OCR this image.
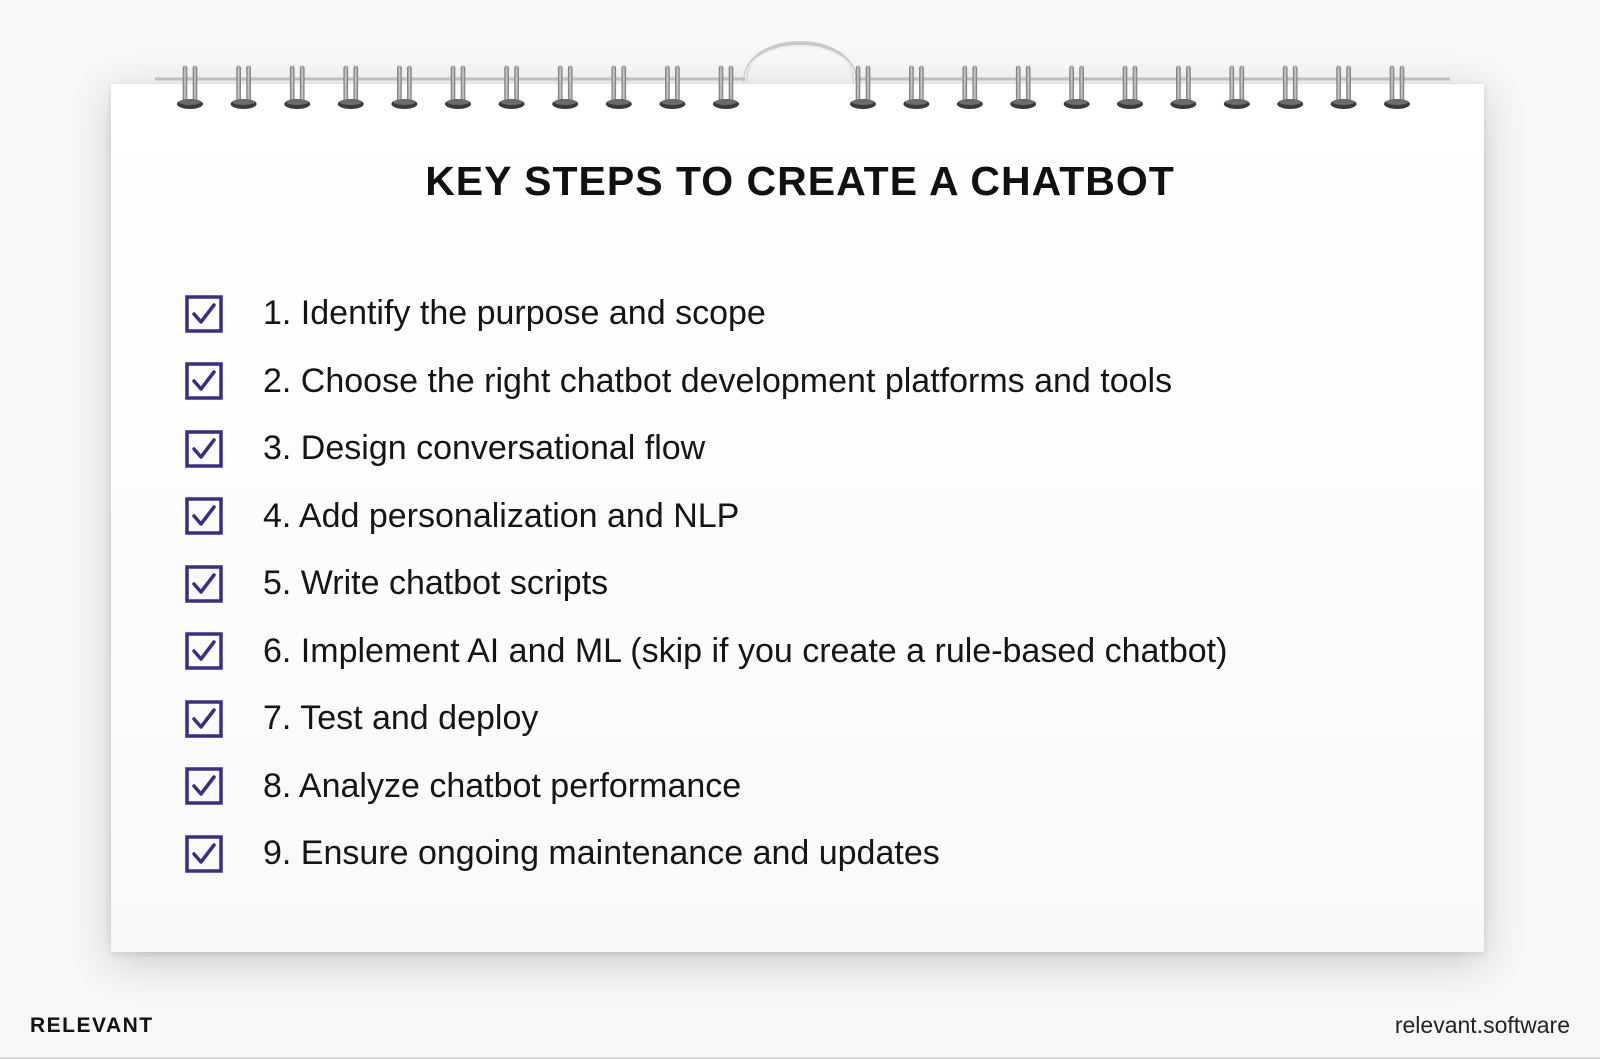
KEY STEPS TO CREATE A CHATBOT
1. Identify the purpose and scope
2. Choose the right chatbot development platforms and tools
3. Design conversational flow
4. Add personalization and NLP
5. Write chatbot scripts
6. Implement AI and ML (skip if you create a rule-based chatbot)
7. Test and deploy
8. Analyze chatbot performance
9. Ensure ongoing maintenance and updates
RELEVANT	relevant.software
